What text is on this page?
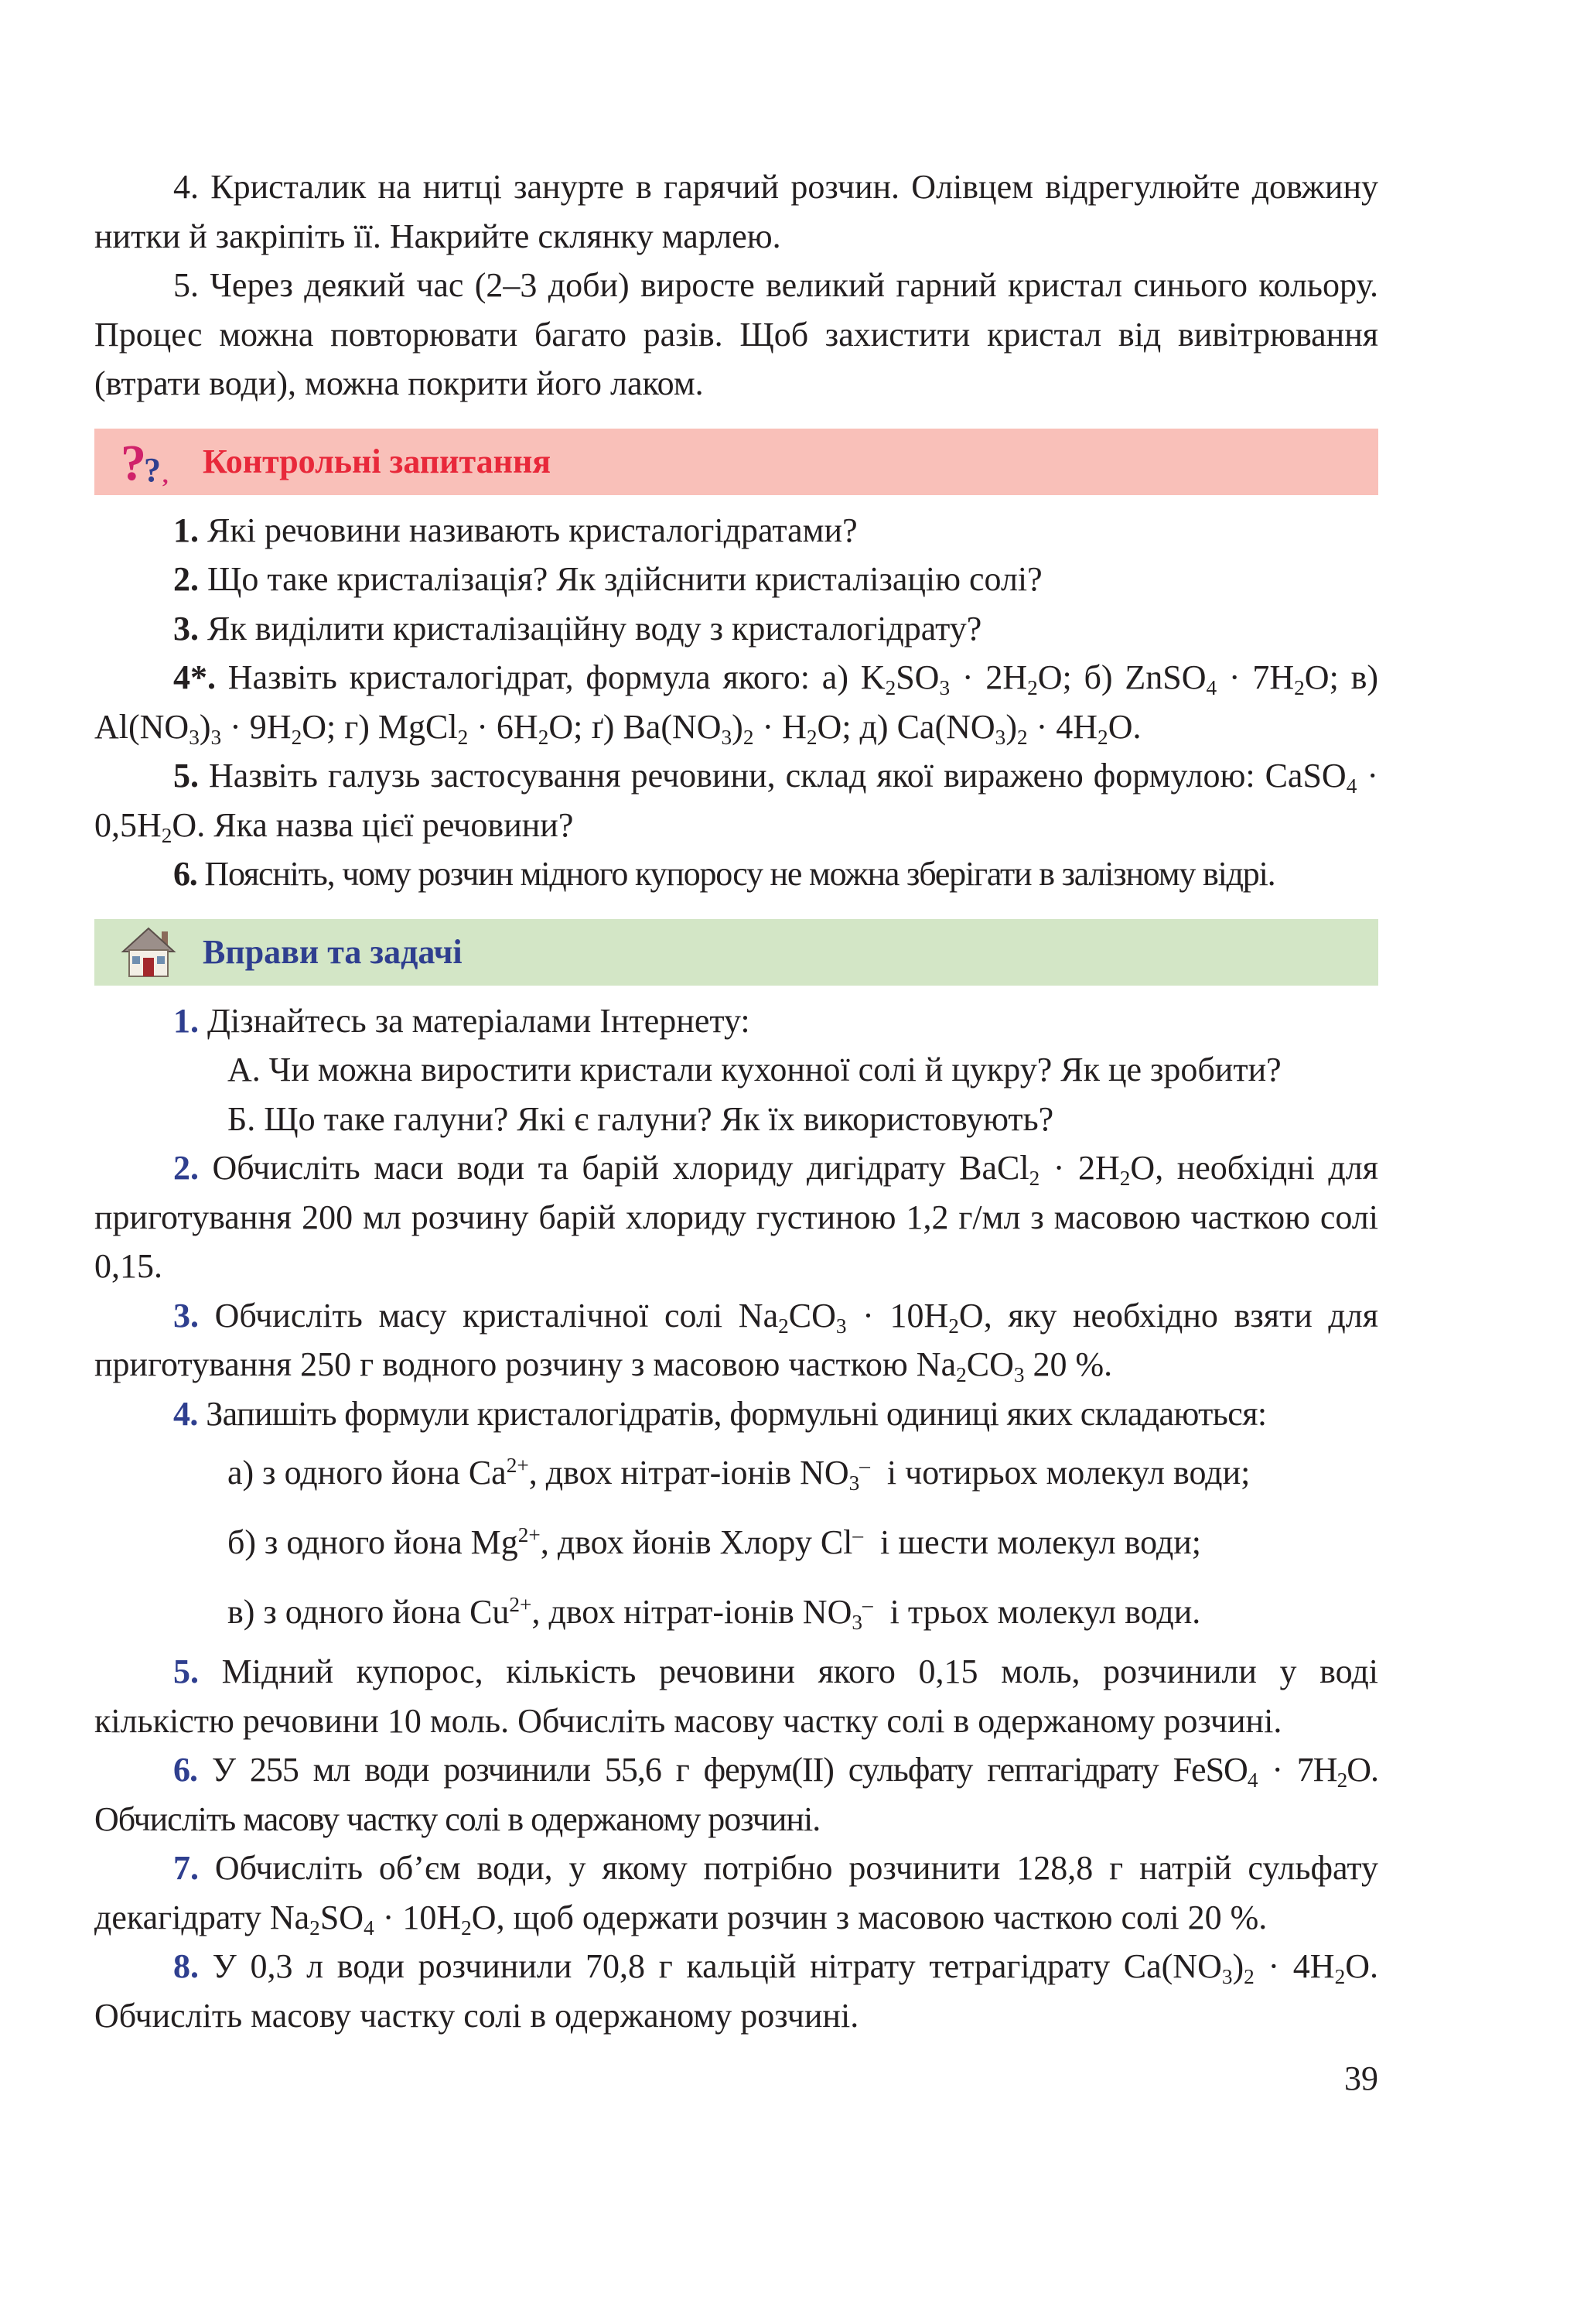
4. Кристалик на нитці занурте в гарячий розчин. Олівцем відрегулюйте довжину нитки й закріпіть її. Накрийте склянку марлею.

5. Через деякий час (2–3 доби) виросте великий гарний кристал синього кольору. Процес можна повторювати багато разів. Щоб захистити кристал від вивітрювання (втрати води), можна покрити його лаком.

?
? , Контрольні запитання

1. Які речовини називають кристалогідратами?

2. Що таке кристалізація? Як здійснити кристалізацію солі?

3. Як виділити кристалізаційну воду з кристалогідрату?

4*. Назвіть кристалогідрат, формула якого: а) $K_2SO_3 \cdot 2H_2O$; б) ZnSO$_4$ · $7H_2O$; в) $Al(NO_3)_3 \cdot 9H_2O$; г) MgCl$_2$ · $6H_2O$; ґ) $Ba(NO_3)_2 \cdot H_2O$; д) $Ca(NO_3)_2 \cdot 4H_2O$.

5. Назвіть галузь застосування речовини, склад якої виражено формулою: CaSO$_4$ · $0,5H_2O$. Яка назва цієї речовини?

6. Поясніть, чому розчин мідного купоросу не можна зберігати в залізному відрі.

Вправи та задачі

1. Дізнайтесь за матеріалами Інтернету:

А. Чи можна виростити кристали кухонної солі й цукру? Як це зробити?

Б. Що таке галуни? Які є галуни? Як їх використовують?

2. Обчисліть маси води та барій хлориду дигідрату BaCl$_2$ · $2H_2O$, необхідні для приготування 200 мл розчину барій хлориду густиною 1,2 г/мл з масовою часткою солі 0,15.

3. Обчисліть масу кристалічної солі $Na_2CO_3 \cdot 10H_2O$, яку необхідно взяти для приготування 250 г водного розчину з масовою часткою $Na_2CO_3$ 20 %.

4. Запишіть формули кристалогідратів, формульні одиниці яких складаються:

а) з одного йона $Ca^{2+}$, двох нітрат-іонів $NO_3^-$ і чотирьох молекул води;

б) з одного йона $Mg^{2+}$, двох йонів Хлору Cl– і шести молекул води;

в) з одного йона $Cu^{2+}$, двох нітрат-іонів $NO_3^-$ і трьох молекул води.

5. Мідний купорос, кількість речовини якого 0,15 моль, розчинили у воді кількістю речовини 10 моль. Обчисліть масову частку солі в одержаному розчині.

6. У 255 мл води розчинили 55,6 г ферум(ІІ) сульфату гептагідрату FeSO$_4$ · $7H_2O$. Обчисліть масову частку солі в одержаному розчині.

7. Обчисліть об’єм води, у якому потрібно розчинити 128,8 г натрій сульфату декагідрату $Na_2SO_4 \cdot 10H_2O$, щоб одержати розчин з масовою часткою солі 20 %.

8. У 0,3 л води розчинили 70,8 г кальцій нітрату тетрагідрату $Ca(NO_3)_2 \cdot 4H_2O$. Обчисліть масову частку солі в одержаному розчині.

39
